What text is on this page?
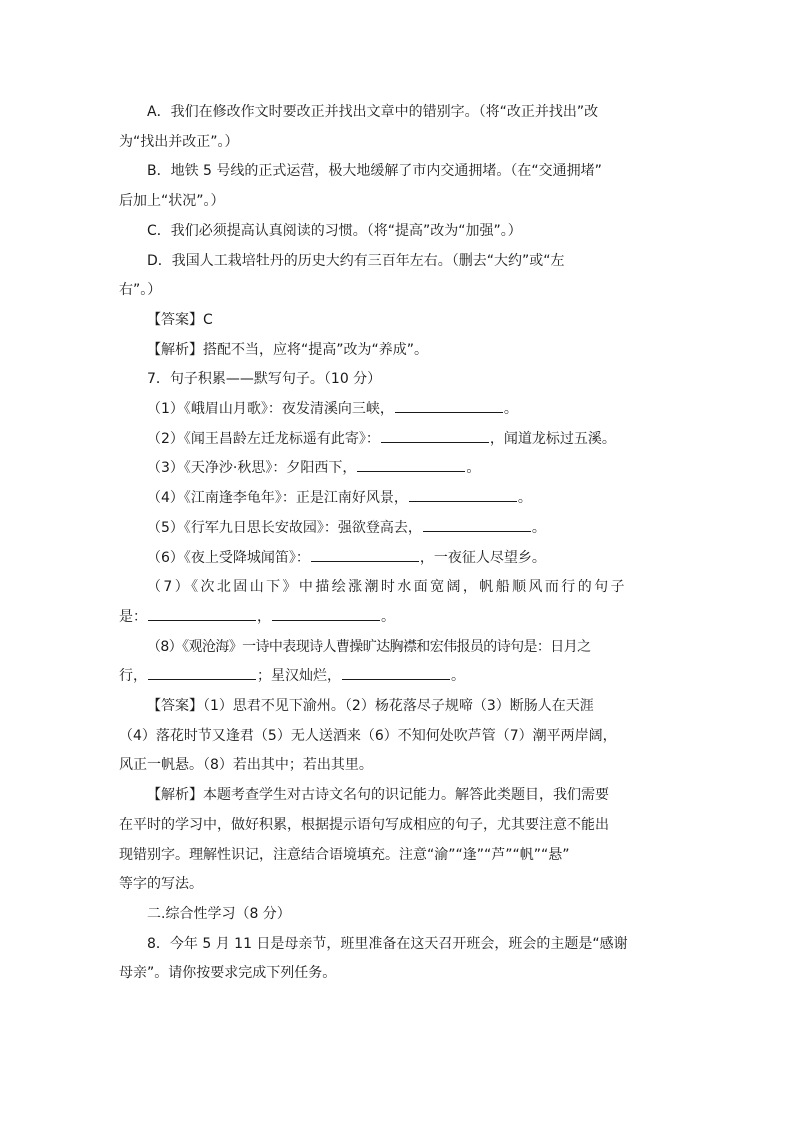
A．我们在修改作文时要改正并找出文章中的错别字。（将“改正并找出”改

为“找出并改正”。）

B．地铁 5 号线的正式运营，极大地缓解了市内交通拥堵。（在“交通拥堵”

后加上“状况”。）

C．我们必须提高认真阅读的习惯。（将“提高”改为“加强”。）

D．我国人工栽培牡丹的历史大约有三百年左右。（删去“大约”或“左

右”。）

【答案】C

【解析】搭配不当，应将“提高”改为“养成”。

7．句子积累——默写句子。（10 分）

（1）《峨眉山月歌》：夜发清溪向三峡，	。

（2）《闻王昌龄左迁龙标遥有此寄》：	，闻道龙标过五溪。

（3）《天净沙·秋思》：夕阳西下，	。

（4）《江南逢李龟年》：正是江南好风景，	。

（5）《行军九日思长安故园》：强欲登高去，	。

（6）《夜上受降城闻笛》：	，一夜征人尽望乡。

（7）《次北固山下》中描绘涨潮时水面宽阔，帆船顺风而行的句子

是：	，	。

（8）《观沧海》一诗中表现诗人曹操旷达胸襟和宏伟报员的诗句是：日月之

行，	；星汉灿烂，	。

【答案】（1）思君不见下渝州。（2）杨花落尽子规啼（3）断肠人在天涯

（4）落花时节又逢君（5）无人送酒来（6）不知何处吹芦管（7）潮平两岸阔，

风正一帆悬。（8）若出其中；若出其里。

【解析】本题考查学生对古诗文名句的识记能力。解答此类题目，我们需要

在平时的学习中，做好积累，根据提示语句写成相应的句子，尤其要注意不能出

现错别字。理解性识记，注意结合语境填充。注意“渝”“逢”“芦”“帆”“悬”

等字的写法。

二.综合性学习（8 分）

8．今年 5 月 11 日是母亲节，班里准备在这天召开班会，班会的主题是“感谢

母亲”。请你按要求完成下列任务。
